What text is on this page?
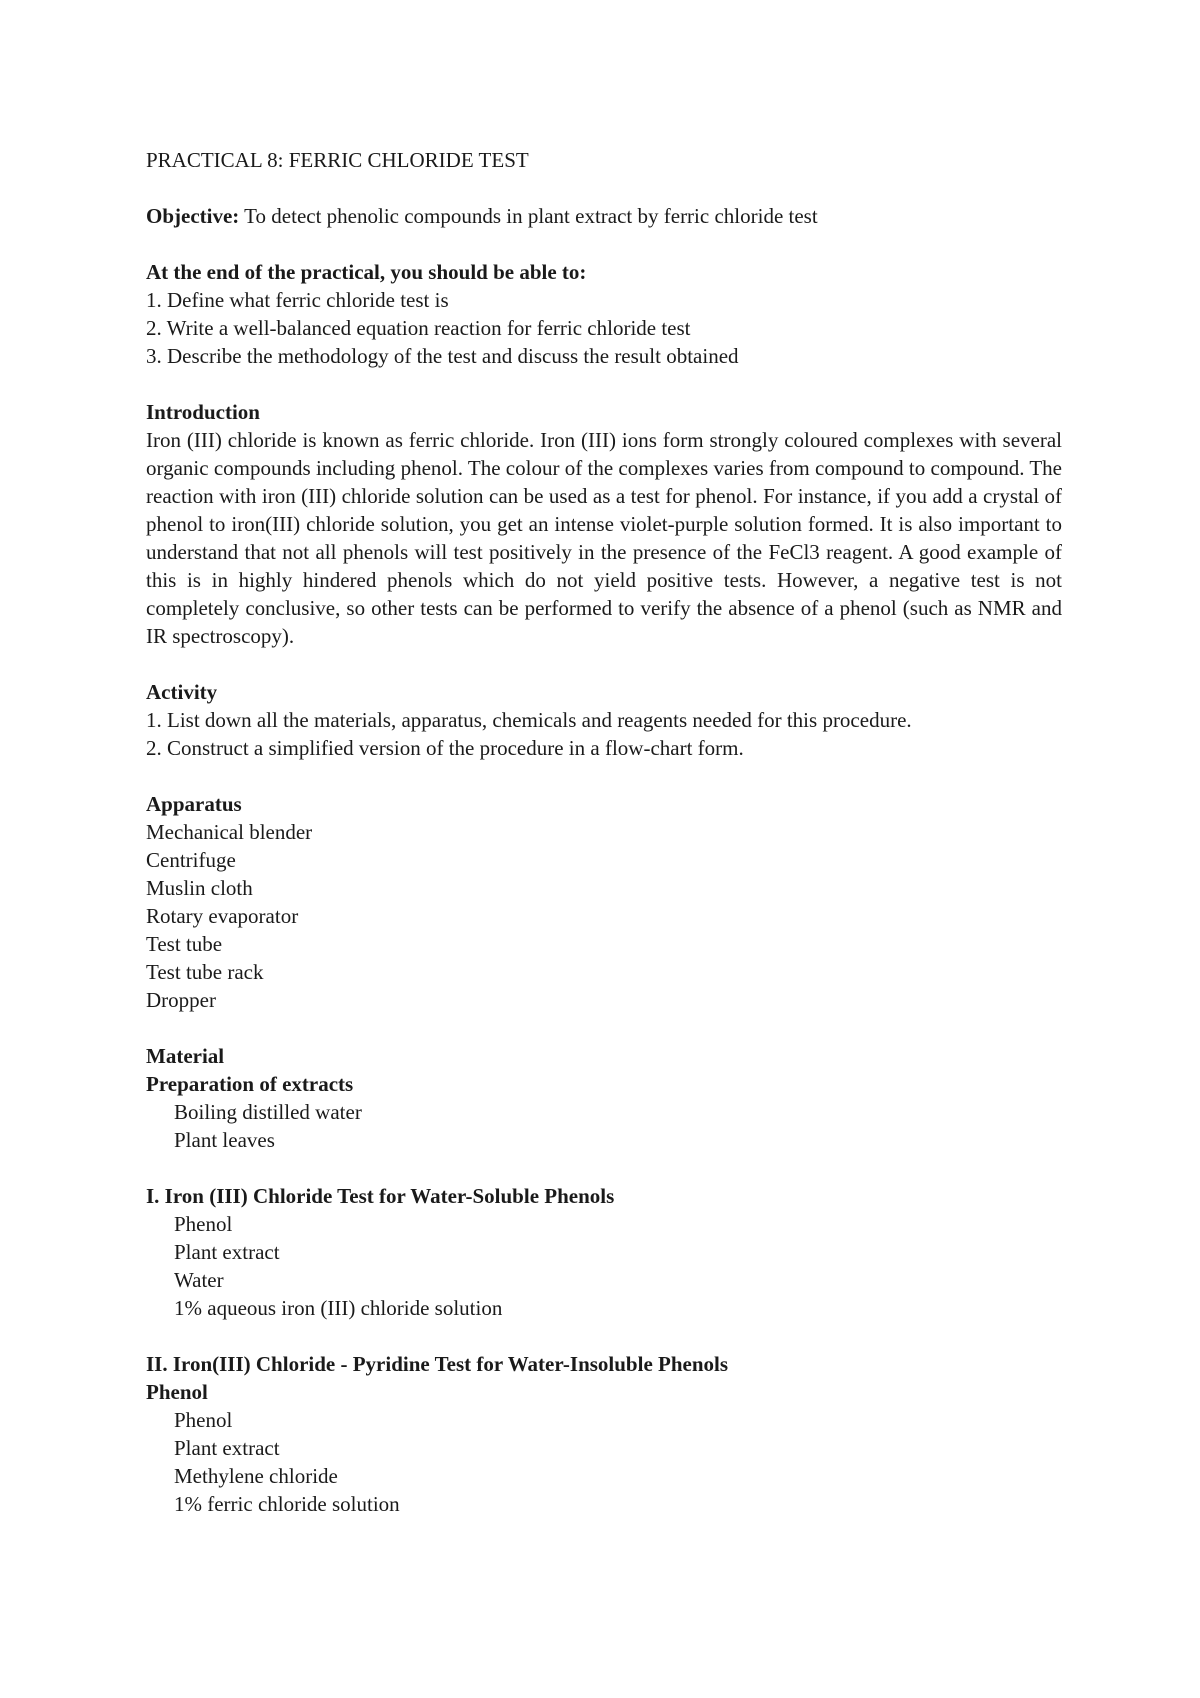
PRACTICAL 8: FERRIC CHLORIDE TEST

Objective: To detect phenolic compounds in plant extract by ferric chloride test

At the end of the practical, you should be able to:

1. Define what ferric chloride test is
2. Write a well-balanced equation reaction for ferric chloride test
3. Describe the methodology of the test and discuss the result obtained

Introduction

Iron (III) chloride is known as ferric chloride. Iron (III) ions form strongly coloured complexes with several organic compounds including phenol. The colour of the complexes varies from compound to compound. The reaction with iron (III) chloride solution can be used as a test for phenol. For instance, if you add a crystal of phenol to iron(III) chloride solution, you get an intense violet-purple solution formed. It is also important to understand that not all phenols will test positively in the presence of the FeCl3 reagent. A good example of this is in highly hindered phenols which do not yield positive tests. However, a negative test is not completely conclusive, so other tests can be performed to verify the absence of a phenol (such as NMR and IR spectroscopy).

Activity

1. List down all the materials, apparatus, chemicals and reagents needed for this procedure.
2. Construct a simplified version of the procedure in a flow-chart form.

Apparatus

Mechanical blender
Centrifuge
Muslin cloth
Rotary evaporator
Test tube
Test tube rack
Dropper

Material

Preparation of extracts

Boiling distilled water
Plant leaves

I. Iron (III) Chloride Test for Water-Soluble Phenols

Phenol
Plant extract
Water
1% aqueous iron (III) chloride solution

II. Iron(III) Chloride - Pyridine Test for Water-Insoluble Phenols

Phenol

Phenol
Plant extract
Methylene chloride
1% ferric chloride solution
